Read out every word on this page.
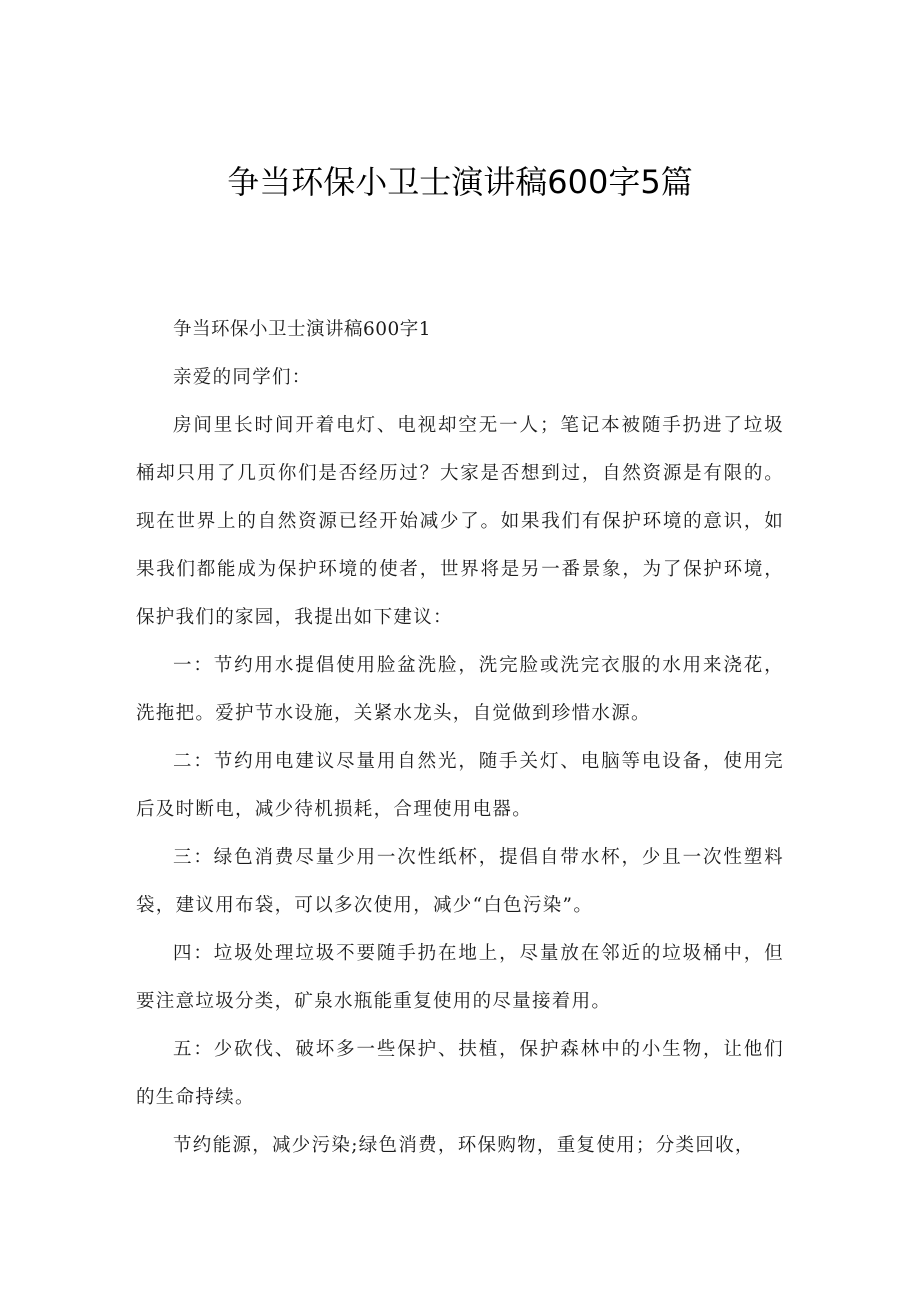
争当环保小卫士演讲稿600字5篇

争当环保小卫士演讲稿600字1

亲爱的同学们：

房间里长时间开着电灯、电视却空无一人；笔记本被随手扔进了垃圾桶却只用了几页你们是否经历过？大家是否想到过，自然资源是有限的。现在世界上的自然资源已经开始减少了。如果我们有保护环境的意识，如果我们都能成为保护环境的使者，世界将是另一番景象，为了保护环境，保护我们的家园，我提出如下建议：

一：节约用水提倡使用脸盆洗脸，洗完脸或洗完衣服的水用来浇花，洗拖把。爱护节水设施，关紧水龙头，自觉做到珍惜水源。

二：节约用电建议尽量用自然光，随手关灯、电脑等电设备，使用完后及时断电，减少待机损耗，合理使用电器。

三：绿色消费尽量少用一次性纸杯，提倡自带水杯，少且一次性塑料袋，建议用布袋，可以多次使用，减少“白色污染”。

四：垃圾处理垃圾不要随手扔在地上，尽量放在邻近的垃圾桶中，但要注意垃圾分类，矿泉水瓶能重复使用的尽量接着用。

五：少砍伐、破坏多一些保护、扶植，保护森林中的小生物，让他们的生命持续。

节约能源，减少污染;绿色消费，环保购物，重复使用；分类回收，
